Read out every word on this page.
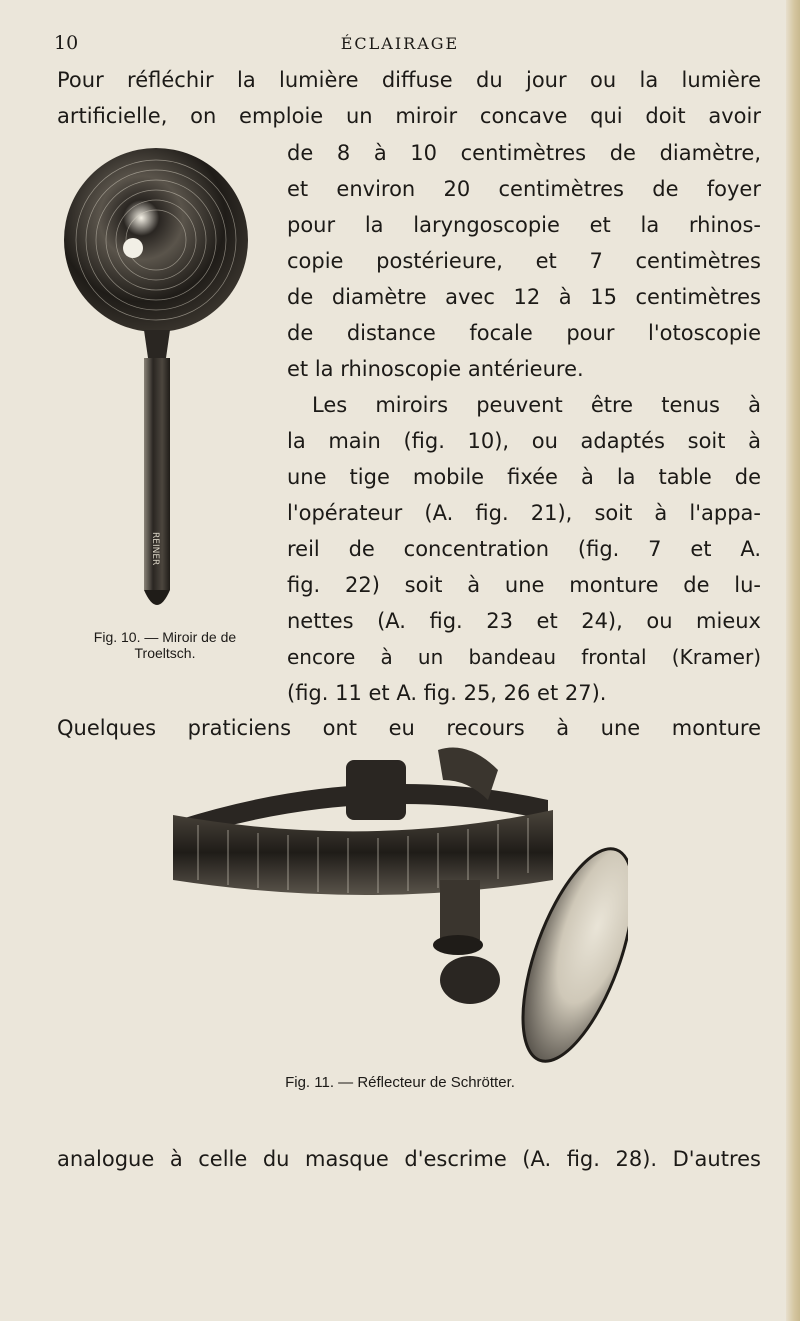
10	ÉCLAIRAGE
REINER
Fig. 10. — Miroir de de
Troeltsch.
Pour réfléchir la lumière diffuse du jour ou la lumière
artificielle, on emploie un miroir concave qui doit avoir
de 8 à 10 centimètres de diamètre,
et environ 20 centimètres de foyer
pour la laryngoscopie et la rhinos-
copie postérieure, et 7 centimètres
de diamètre avec 12 à 15 centimètres
de distance focale pour l'otoscopie
et la rhinoscopie antérieure.
Les miroirs peuvent être tenus à
la main (fig. 10), ou adaptés soit à
une tige mobile fixée à la table de
l'opérateur (A. fig. 21), soit à l'appa-
reil de concentration (fig. 7 et A.
fig. 22) soit à une monture de lu-
nettes (A. fig. 23 et 24), ou mieux
encore à un bandeau frontal (Kramer)
(fig. 11 et A. fig. 25, 26 et 27).
Quelques praticiens ont eu recours à une monture
Fig. 11. — Réflecteur de Schrötter.
analogue à celle du masque d'escrime (A. fig. 28). D'autres
